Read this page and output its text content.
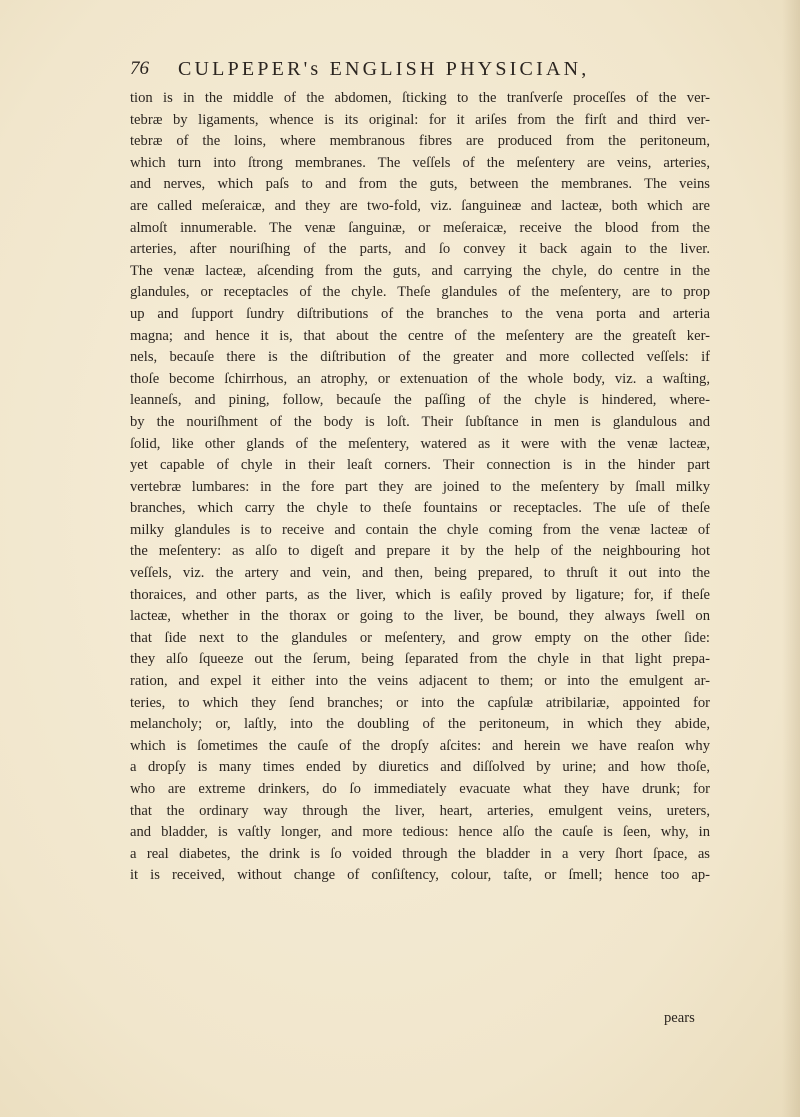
76 CULPEPER's ENGLISH PHYSICIAN,
tion is in the middle of the abdomen, ſticking to the tranſverſe proceſſes of the ver-
tebræ by ligaments, whence is its original: for it ariſes from the firſt and third ver-
tebræ of the loins, where membranous fibres are produced from the peritoneum,
which turn into ſtrong membranes. The veſſels of the meſentery are veins, arteries,
and nerves, which paſs to and from the guts, between the membranes. The veins
are called meſeraicæ, and they are two-fold, viz. ſanguineæ and lacteæ, both which are
almoſt innumerable. The venæ ſanguinæ, or meſeraicæ, receive the blood from the
arteries, after nouriſhing of the parts, and ſo convey it back again to the liver.
The venæ lacteæ, aſcending from the guts, and carrying the chyle, do centre in the
glandules, or receptacles of the chyle. Theſe glandules of the meſentery, are to prop
up and ſupport ſundry diſtributions of the branches to the vena porta and arteria
magna; and hence it is, that about the centre of the meſentery are the greateſt ker-
nels, becauſe there is the diſtribution of the greater and more collected veſſels: if
thoſe become ſchirrhous, an atrophy, or extenuation of the whole body, viz. a waſting,
leanneſs, and pining, follow, becauſe the paſſing of the chyle is hindered, where-
by the nouriſhment of the body is loſt. Their ſubſtance in men is glandulous and
ſolid, like other glands of the meſentery, watered as it were with the venæ lacteæ,
yet capable of chyle in their leaſt corners. Their connection is in the hinder part
vertebræ lumbares: in the fore part they are joined to the meſentery by ſmall milky
branches, which carry the chyle to theſe fountains or receptacles. The uſe of theſe
milky glandules is to receive and contain the chyle coming from the venæ lacteæ of
the meſentery: as alſo to digeſt and prepare it by the help of the neighbouring hot
veſſels, viz. the artery and vein, and then, being prepared, to thruſt it out into the
thoraices, and other parts, as the liver, which is eaſily proved by ligature; for, if theſe
lacteæ, whether in the thorax or going to the liver, be bound, they always ſwell on
that ſide next to the glandules or meſentery, and grow empty on the other ſide:
they alſo ſqueeze out the ſerum, being ſeparated from the chyle in that light prepa-
ration, and expel it either into the veins adjacent to them; or into the emulgent ar-
teries, to which they ſend branches; or into the capſulæ atribilariæ, appointed for
melancholy; or, laſtly, into the doubling of the peritoneum, in which they abide,
which is ſometimes the cauſe of the dropſy aſcites: and herein we have reaſon why
a dropſy is many times ended by diuretics and diſſolved by urine; and how thoſe,
who are extreme drinkers, do ſo immediately evacuate what they have drunk; for
that the ordinary way through the liver, heart, arteries, emulgent veins, ureters,
and bladder, is vaſtly longer, and more tedious: hence alſo the cauſe is ſeen, why, in
a real diabetes, the drink is ſo voided through the bladder in a very ſhort ſpace, as
it is received, without change of conſiſtency, colour, taſte, or ſmell; hence too ap-
pears
